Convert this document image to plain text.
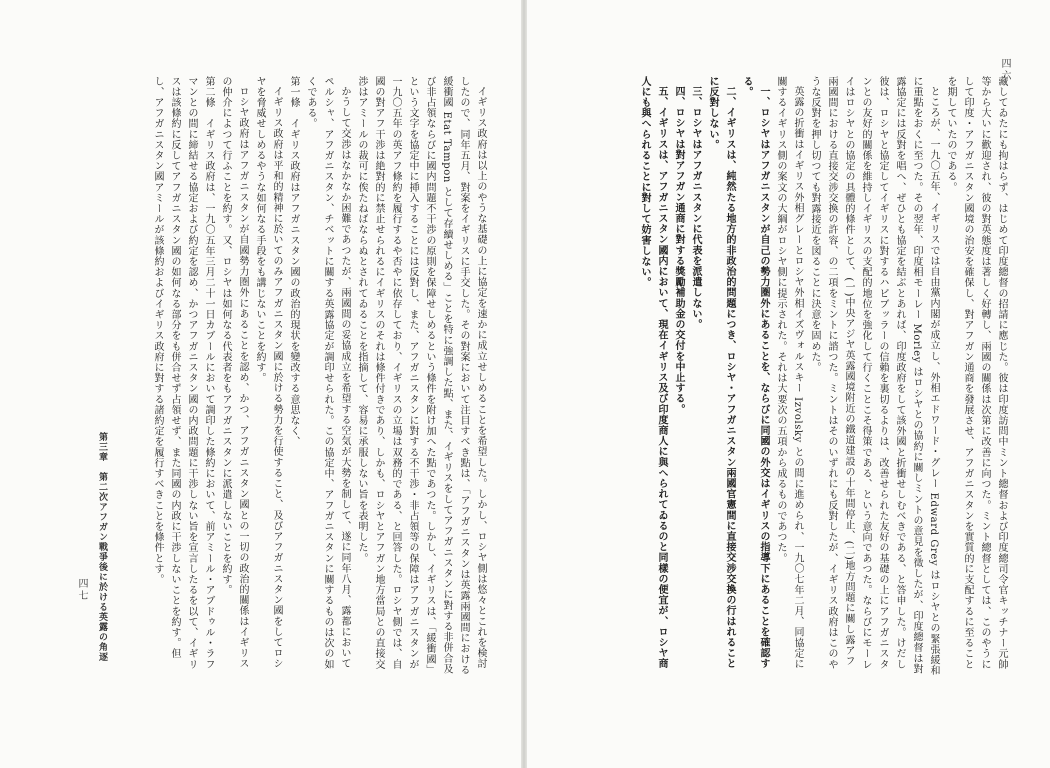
イギリス政府は以上のやうな基礎の上に協定を速かに成立せしめることを希望した。しかし、ロシヤ側は悠々とこれを検討したので、同年五月、對案をイギリスに手交した。その對案において注目すべき點は、「アフガニスタンは英露兩國間における緩衝國 Etat Tampon として存續せしめる」ことを特に強調した點、また、イギリスをしてアフガニスタンに對する非併合及び非占領ならびに國内問題不干渉の原則を保障せしめるという條件を附け加へた點であつた。しかし、イギリスは、「緩衝國」という文字を協定中に挿入することには反對し、また、アフガニスタンに對する不干渉・非占領等の保障はアフガニスタンが一九〇五年の英アフ條約を履行するや否やに依存しており、イギリスの立場は双務的である、と回答した。ロシヤ側では、自國の對アフ干渉は絶對的に禁止せられるにイギリスのそれは條件付きであり、しかも、ロシヤとアフガン地方當局との直接交渉はアミールの裁可に俟たねばならぬとされてゐることを指摘して、容易に承服しない旨を表明した。

かうして交渉はなかなか困難であつたが、兩國間の妥協成立を希望する空気が大勢を制して、遂に同年八月、露都においてペルシャ、アフガニスタン、チベットに關する英露協定が調印せられた。この協定中、アフガニスタンに關するものは次の如くである。

第一條　イギリス政府はアフガニスタン國の政治的現状を變改する意思なく、

イギリス政府は平和的精神に於いてのみアフガニスタン國に於ける勢力を行使すること、及びアフガニスタン國をしてロシヤを脅威せしめるやうな如何なる手段をも講じないことを約す。

ロシヤ政府はアフガニスタンが自國勢力圏外にあることを認め、かつ、アフガニスタン國との一切の政治的關係はイギリスの仲介によつて行ふことを約す。又、ロシヤは如何なる代表者をもアフガニスタンに派遣しないことを約す。

第二條　イギリス政府は、一九〇五年三月二十一日カブールにおいて調印した條約において、前アミール・アブドゥル・ラフマンとの間に締結せる協定および約定を認め、かつアフガニスタン國の内政問題に干渉しない旨を宣言したるを以て、イギリスは該條約に反してアフガニスタン國の如何なる部分をも併合せず占領せず、また同國の内政に干渉しないことを約す。但し、アフガニスタン國アミールが該條約およびイギリス政府に對する諸約定を履行すべきことを條件とす。

第三章　第二次アフガン戰爭後に於ける英露の角逐
四七
四六

藏してゐたにも拘はらず、はじめて印度總督の招請に應じた。彼は印度訪問中ミント總督および印度總司令官キッチナー元帥等から大いに歡迎され、彼の對英態度は著しく好轉し、兩國の關係は次第に改善に向つた。ミント總督としては、このやうにして印度・アフガニスタン國境の治安を確保し、對アフガン通商を發展させ、アフガニスタンを實質的に支配するに至ることを期していたのである。

ところが、一九〇五年、イギリスでは自由黨内閣が成立し、外相エドワード・グレー Edward Grey はロシヤとの緊張緩和に重點をおくに至つた。その翌年、印度相モーレー Morley はロシヤとの協約に關しミントの意見を徵したが、印度總督は對露協定には反對を唱へ、ぜひとも協定を結ぶとあれば、印度政府をして該外國と折衝せしむべきである、と答申した。けだし彼は、ロシヤと協定してイギリスに對するハビブッラーの信賴を裏切るよりは、改善せられた友好の基礎の上にアフガニスタンとの友好的關係を維持しイギリスの支配的地位を強化して行くことこそ得策である、という意向であつた。ならびにモーレイはロシヤとの協定の具體的條件として、(一)中央アジヤ英露國境附近の鐵道建設の十年間停止、(二)地方問題に關し露アフ兩國間における直接交涉交換の許容、の二項をミントに諮つた。ミントはそのいずれにも反對したが、イギリス政府はこのやうな反對を押し切つても對露接近を図ることに決意を固めた。

英露の折衝はイギリス外相グレーとロシヤ外相イズヴォルスキー Izvolsky との間に進められ、一九〇七年二月、同協定に關するイギリス側の案文の大綱がロシヤ側に提示された。それは大要次の五項から成るものであつた。

一、ロシヤはアフガニスタンが自己の勢力圏外にあることを、ならびに同國の外交はイギリスの指導下にあることを確認する。

二、イギリスは、純然たる地方的非政治的問題につき、ロシヤ・アフガニスタン兩國官憲間に直接交涉交換の行はれることに反對しない。

三、ロシヤはアフガニスタンに代表を派遣しない。

四、ロシヤは對アフガン通商に對する獎勵補助金の交付を中止する。

五、イギリスは、アフガニスタン國内において、現在イギリス及び印度商人に與へられてゐるのと同樣の便宜が、ロシヤ商人にも與へられることに對して妨害しない。
